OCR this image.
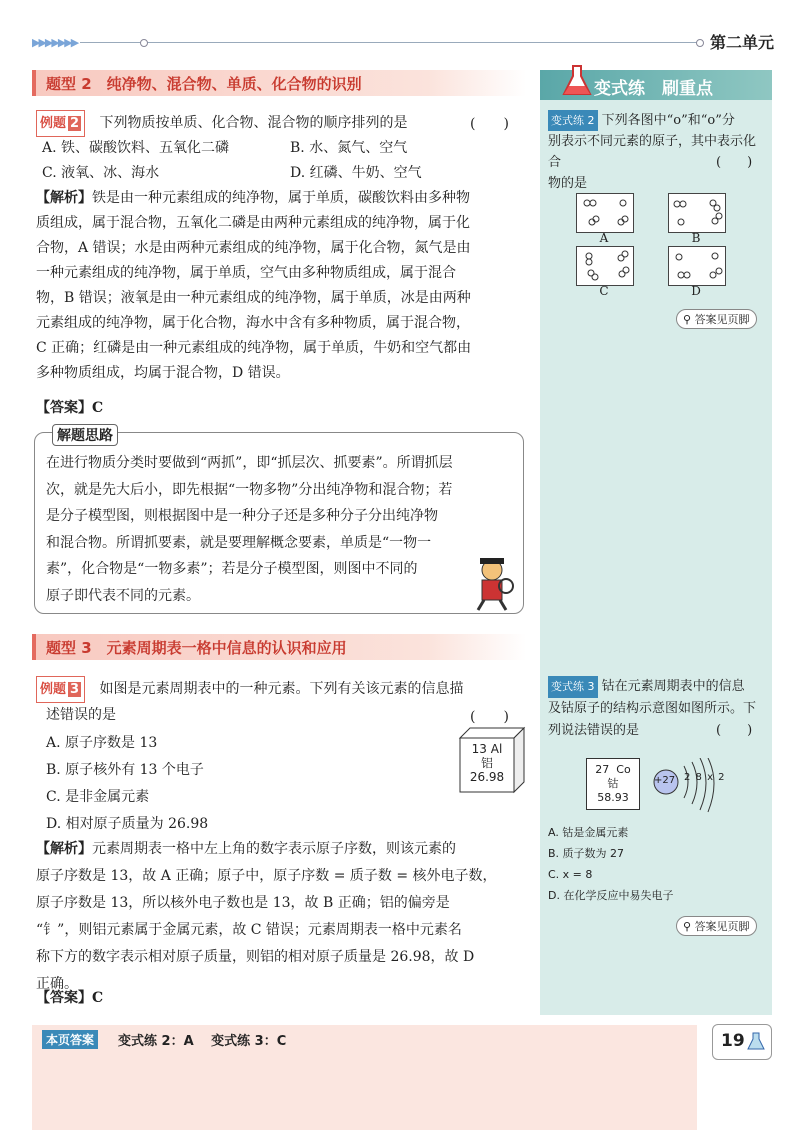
▶▶▶▶▶▶▶	第二单元
题型 2　纯净物、混合物、单质、化合物的识别
例题 2 下列物质按单质、化合物、混合物的顺序排列的是	(　　)
A. 铁、碳酸饮料、五氧化二磷	B. 水、氮气、空气
C. 液氧、冰、海水	D. 红磷、牛奶、空气
【解析】铁是由一种元素组成的纯净物，属于单质，碳酸饮料由多种物
质组成，属于混合物，五氧化二磷是由两种元素组成的纯净物，属于化
合物，A 错误；水是由两种元素组成的纯净物，属于化合物，氮气是由
一种元素组成的纯净物，属于单质，空气由多种物质组成，属于混合
物，B 错误；液氧是由一种元素组成的纯净物，属于单质，冰是由两种
元素组成的纯净物，属于化合物，海水中含有多种物质，属于混合物，
C 正确；红磷是由一种元素组成的纯净物，属于单质，牛奶和空气都由
多种物质组成，均属于混合物，D 错误。
【答案】C
解题思路
在进行物质分类时要做到“两抓”，即“抓层次、抓要素”。所谓抓层
次，就是先大后小，即先根据“一物多物”分出纯净物和混合物；若
是分子模型图，则根据图中是一种分子还是多种分子分出纯净物
和混合物。所谓抓要素，就是要理解概念要素，单质是“一物一
素”，化合物是“一物多素”；若是分子模型图，则图中不同的
原子即代表不同的元素。
题型 3　元素周期表一格中信息的认识和应用
例题 3 如图是元素周期表中的一种元素。下列有关该元素的信息描
述错误的是	(　　)
A. 原子序数是 13
B. 原子核外有 13 个电子
C. 是非金属元素
D. 相对原子质量为 26.98
13 Al
铝
26.98
【解析】元素周期表一格中左上角的数字表示原子序数，则该元素的
原子序数是 13，故 A 正确；原子中，原子序数 = 质子数 = 核外电子数，
原子序数是 13，所以核外电子数也是 13，故 B 正确；铝的偏旁是
“钅”，则铝元素属于金属元素，故 C 错误；元素周期表一格中元素名
称下方的数字表示相对原子质量，则铝的相对原子质量是 26.98，故 D
正确。
【答案】C
变式练　刷重点
变式练 2 下列各图中“o”和“o”分
别表示不同元素的原子，其中表示化合
物的是
(　　)
A	B
C	D
⚲ 答案见页脚
变式练 3 钴在元素周期表中的信息
及钴原子的结构示意图如图所示。下
列说法错误的是	(　　)
27 Co
钴
58.93
+27 2 8 x 2
A. 钴是金属元素
B. 质子数为 27
C. x = 8
D. 在化学反应中易失电子
⚲ 答案见页脚
本页答案	变式练 2：A　 变式练 3：C	19
